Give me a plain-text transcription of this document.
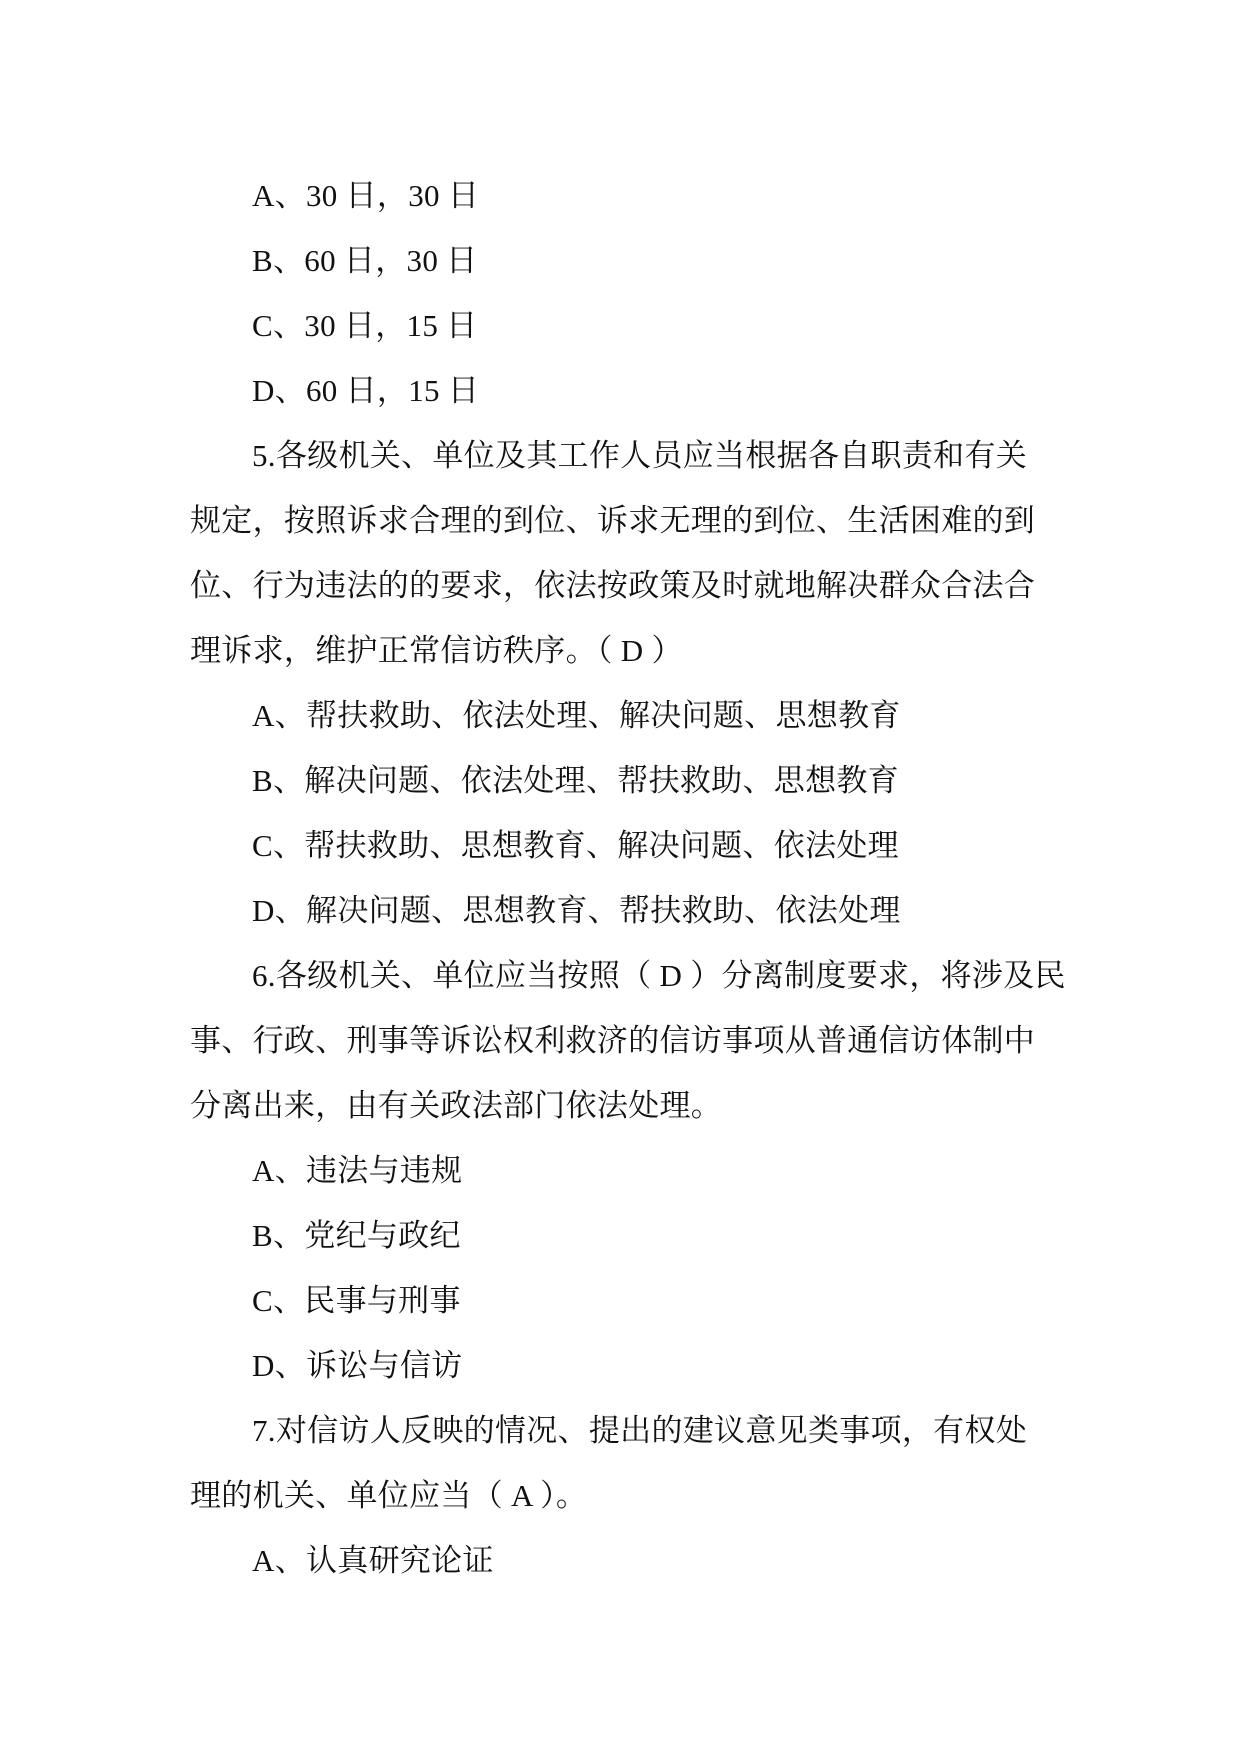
A、30 日，30 日
B、60 日，30 日
C、30 日，15 日
D、60 日，15 日
5.各级机关、单位及其工作人员应当根据各自职责和有关
规定，按照诉求合理的到位、诉求无理的到位、生活困难的到
位、行为违法的的要求，依法按政策及时就地解决群众合法合
理诉求，维护正常信访秩序。（ D ）
A、帮扶救助、依法处理、解决问题、思想教育
B、解决问题、依法处理、帮扶救助、思想教育
C、帮扶救助、思想教育、解决问题、依法处理
D、解决问题、思想教育、帮扶救助、依法处理
6.各级机关、单位应当按照（ D ）分离制度要求，将涉及民
事、行政、刑事等诉讼权利救济的信访事项从普通信访体制中
分离出来，由有关政法部门依法处理。
A、违法与违规
B、党纪与政纪
C、民事与刑事
D、诉讼与信访
7.对信访人反映的情况、提出的建议意见类事项，有权处
理的机关、单位应当（ A ）。
A、认真研究论证
